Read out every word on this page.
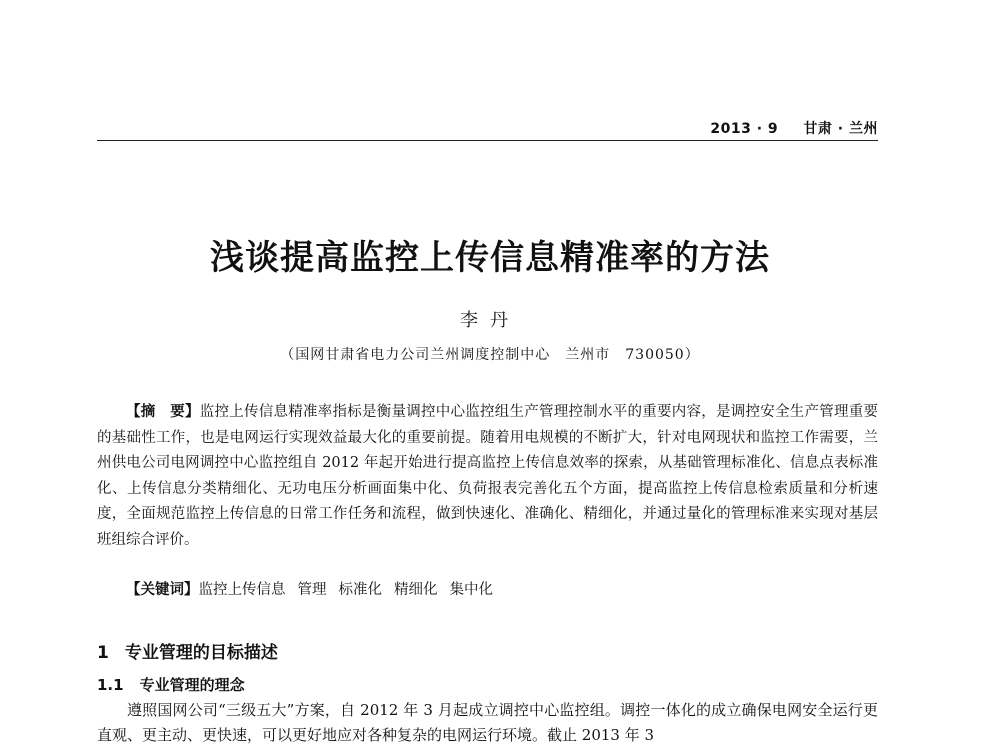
2013 · 9 　 甘肃 · 兰州
浅谈提高监控上传信息精准率的方法
李丹
（国网甘肃省电力公司兰州调度控制中心　兰州市　730050）
【摘　要】监控上传信息精准率指标是衡量调控中心监控组生产管理控制水平的重要内容，是调控安全生产管理重要的基础性工作，也是电网运行实现效益最大化的重要前提。随着用电规模的不断扩大，针对电网现状和监控工作需要，兰州供电公司电网调控中心监控组自 2012 年起开始进行提高监控上传信息效率的探索，从基础管理标准化、信息点表标准化、上传信息分类精细化、无功电压分析画面集中化、负荷报表完善化五个方面，提高监控上传信息检索质量和分析速度，全面规范监控上传信息的日常工作任务和流程，做到快速化、准确化、精细化，并通过量化的管理标准来实现对基层班组综合评价。
【关键词】监控上传信息 管理 标准化 精细化 集中化
1 专业管理的目标描述
1.1 专业管理的理念
遵照国网公司“三级五大”方案，自 2012 年 3 月起成立调控中心监控组。调控一体化的成立确保电网安全运行更直观、更主动、更快速，可以更好地应对各种复杂的电网运行环境。截止 2013 年 3
